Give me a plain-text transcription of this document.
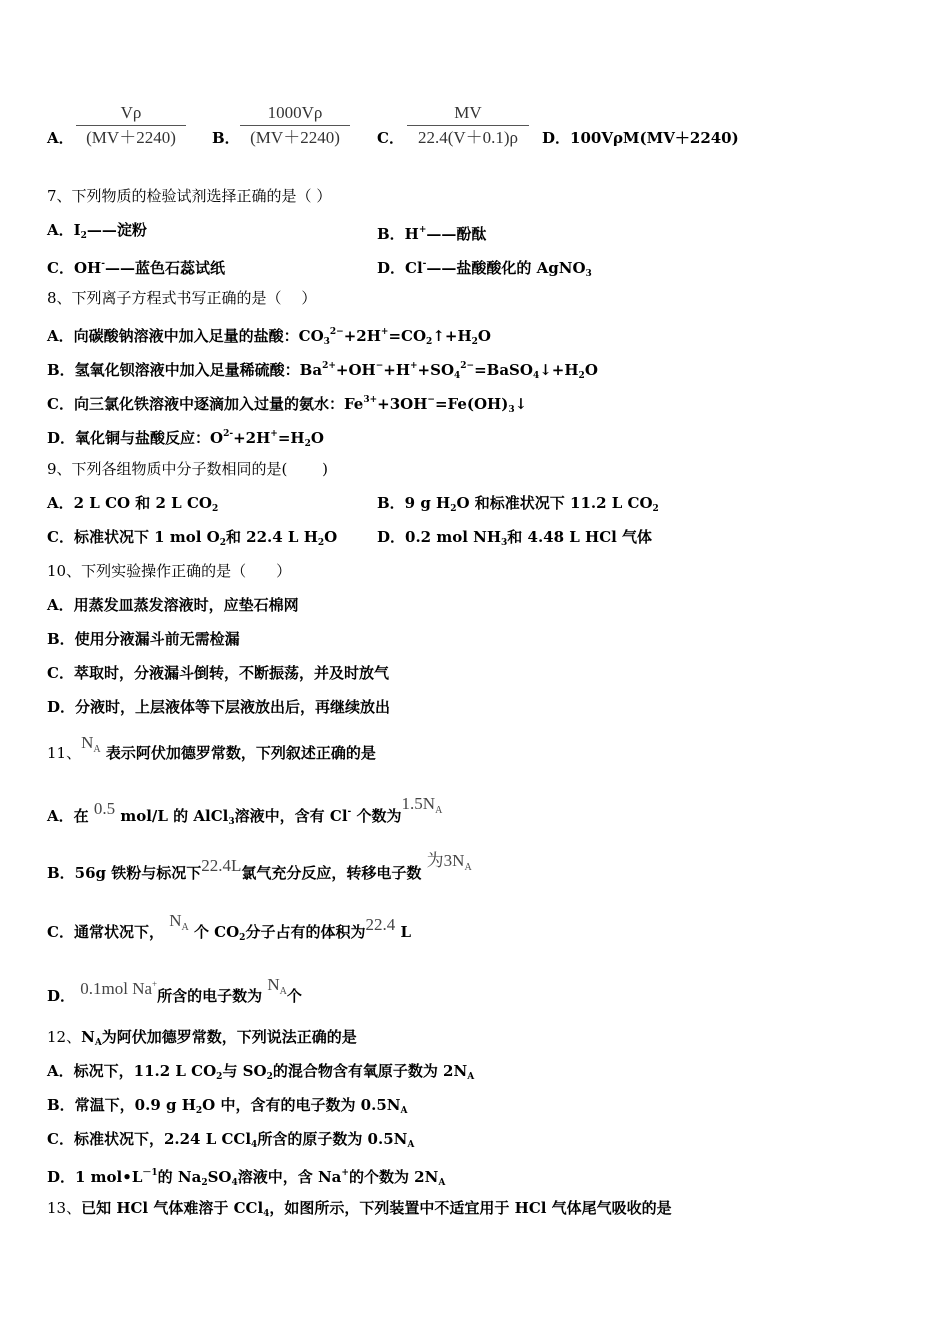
A．
Vρ
(MV＋2240)	B．
1000Vρ
(MV＋2240)	C．
MV
22.4(V＋0.1)ρ	D．100VρM(MV＋2240)
7、下列物质的检验试剂选择正确的是（ ）
A．$I_2——$淀粉	B．H+——酚酞
C．OH-——蓝色石蕊试纸	D．Cl-——盐酸酸化的 AgNO$_3$
8、下列离子方程式书写正确的是（　 ）
A．向碳酸钠溶液中加入足量的盐酸：$CO_3^{2-}+2H^+=CO_2↑+H_2O$
B．氢氧化钡溶液中加入足量稀硫酸：$Ba^{2+}+OH^-+H^++SO_4^{2-}=BaSO_4↓+H_2O$
C．向三氯化铁溶液中逐滴加入过量的氨水：$Fe^{3+}+3OH^-=Fe(OH)_3↓$
D．氧化铜与盐酸反应：$O^{2-}+2H^+=H_2O$
9、下列各组物质中分子数相同的是(　　 )
A．2 L CO 和 2 L $CO_2$	B．9 g $H_2O$ 和标准状况下 11.2 L $CO_2$
C．标准状况下 1 mol $O_2$和 22.4 L $H_2O$	D．0.2 mol $NH_3$和 4.48 L HCl 气体
10、下列实验操作正确的是（　　）
A．用蒸发皿蒸发溶液时，应垫石棉网
B．使用分液漏斗前无需检漏
C．萃取时，分液漏斗倒转，不断振荡，并及时放气
D．分液时，上层液体等下层液放出后，再继续放出
11、$N^A$ 表示阿伏加德罗常数，下列叙述正确的是
A．在 0.5 mol/L 的 AlCl$_3$溶液中，含有 Cl- 个数为$1.5N^A$
B．56g 铁粉与标况下22.4L氯气充分反应，转移电子数 为$3N^A$
C．通常状况下， $N^A$ 个 $CO_2$分子占有的体积为22.4 L
D． 0.1mol Na+所含的电子数为 $N^A$个
12、$N_A$为阿伏加德罗常数，下列说法正确的是
A．标况下，11.2 L $CO_2$与 $SO_2$的混合物含有氧原子数为 $2N_A$
B．常温下，0.9 g $H_2O$ 中，含有的电子数为 $0.5N_A$
C．标准状况下，2.24 L CCl$_4$所含的原子数为 $0.5N_A$
D．1 $mol•L^{-1}$的 $Na_2SO_4$溶液中，含 Na+的个数为 $2N_A$
13、已知 HCl 气体难溶于 CCl$_4$，如图所示，下列装置中不适宜用于 HCl 气体尾气吸收的是
